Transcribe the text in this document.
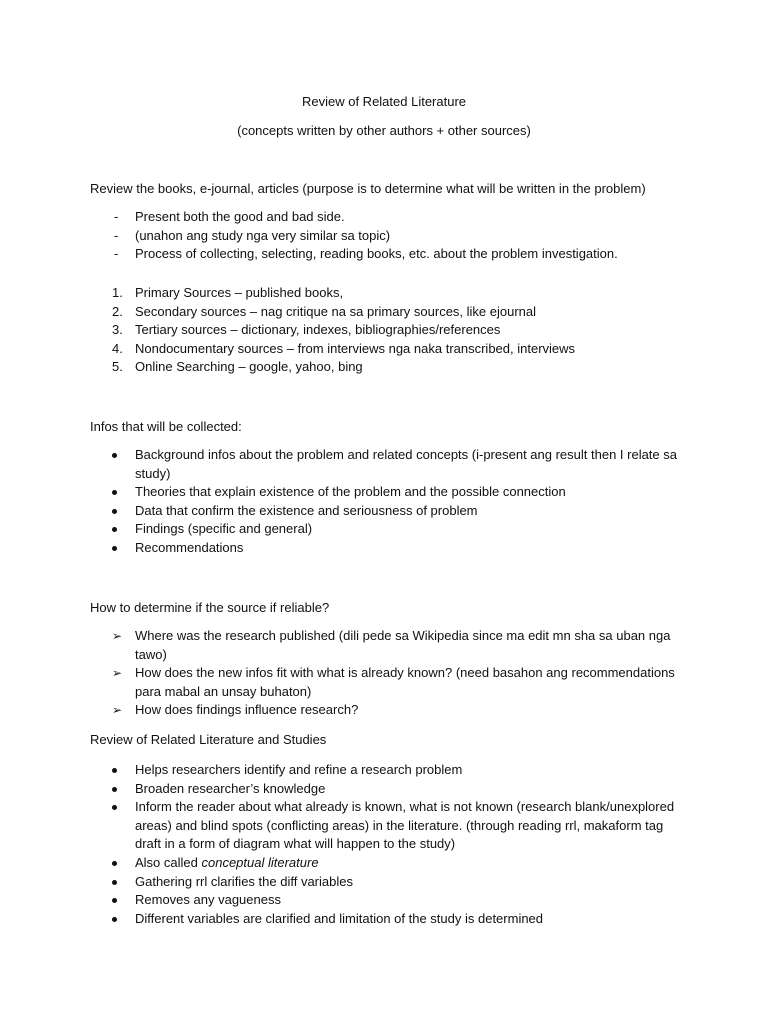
Review of Related Literature
(concepts written by other authors + other sources)
Review the books, e-journal, articles (purpose is to determine what will be written in the problem)
-	Present both the good and bad side.
-	(unahon ang study nga very similar sa topic)
-	Process of collecting, selecting, reading books, etc. about the problem investigation.
1. Primary Sources – published books,
2. Secondary sources – nag critique na sa primary sources, like ejournal
3. Tertiary sources – dictionary, indexes, bibliographies/references
4. Nondocumentary sources – from interviews nga naka transcribed, interviews
5. Online Searching – google, yahoo, bing
Infos that will be collected:
Background infos about the problem and related concepts (i-present ang result then I relate sa study)
Theories that explain existence of the problem and the possible connection
Data that confirm the existence and seriousness of problem
Findings (specific and general)
Recommendations
How to determine if the source if reliable?
➢ Where was the research published (dili pede sa Wikipedia since ma edit mn sha sa uban nga tawo)
➢ How does the new infos fit with what is already known? (need basahon ang recommendations para mabal an unsay buhaton)
➢ How does findings influence research?
Review of Related Literature and Studies
Helps researchers identify and refine a research problem
Broaden researcher’s knowledge
Inform the reader about what already is known, what is not known (research blank/unexplored areas) and blind spots (conflicting areas) in the literature. (through reading rrl, makaform tag draft in a form of diagram what will happen to the study)
Also called conceptual literature
Gathering rrl clarifies the diff variables
Removes any vagueness
Different variables are clarified and limitation of the study is determined
